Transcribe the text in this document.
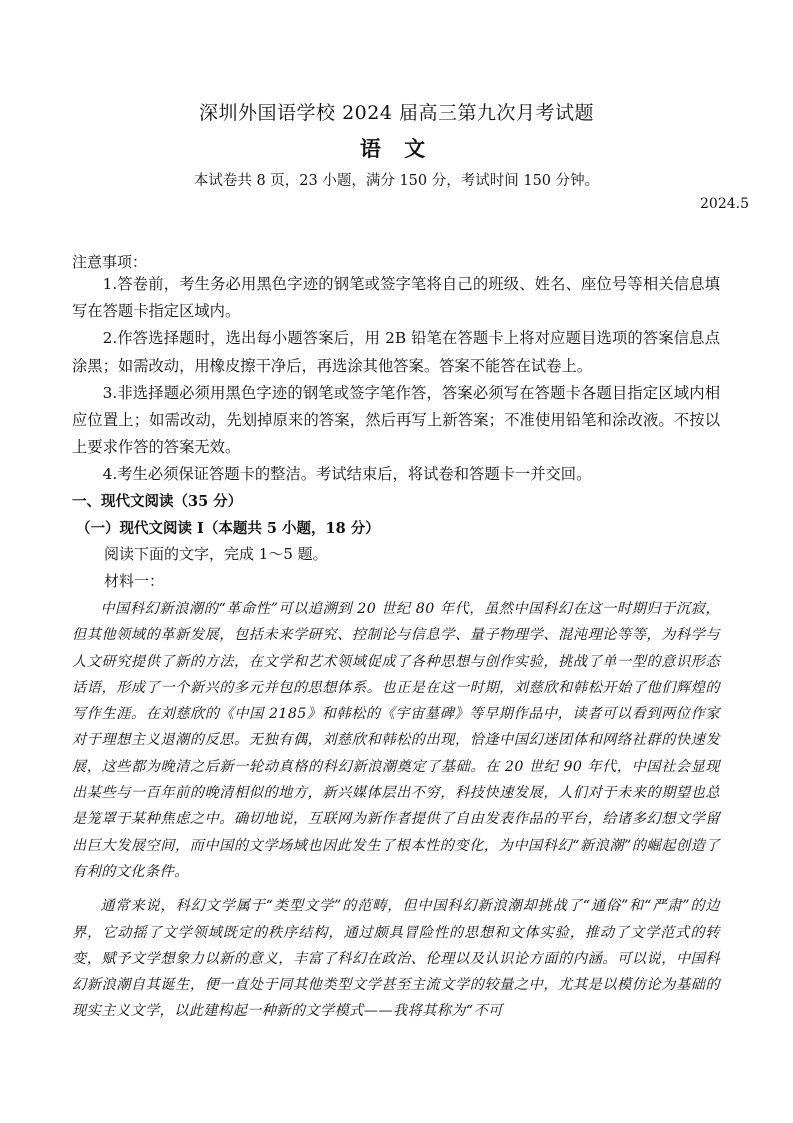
深圳外国语学校 2024 届高三第九次月考试题
语 文
本试卷共 8 页，23 小题，满分 150 分，考试时间 150 分钟。
2024.5
注意事项：

1.答卷前，考生务必用黑色字迹的钢笔或签字笔将自己的班级、姓名、座位号等相关信息填写在答题卡指定区域内。

2.作答选择题时，选出每小题答案后，用 2B 铅笔在答题卡上将对应题目选项的答案信息点涂黑；如需改动，用橡皮擦干净后，再选涂其他答案。答案不能答在试卷上。

3.非选择题必须用黑色字迹的钢笔或签字笔作答，答案必须写在答题卡各题目指定区域内相应位置上；如需改动，先划掉原来的答案，然后再写上新答案；不准使用铅笔和涂改液。不按以上要求作答的答案无效。

4.考生必须保证答题卡的整洁。考试结束后，将试卷和答题卡一并交回。

一、现代文阅读（35 分）
（一）现代文阅读 I（本题共 5 小题，18 分）
阅读下面的文字，完成 1～5 题。
材料一：

中国科幻新浪潮的“革命性”可以追溯到 20 世纪 80 年代，虽然中国科幻在这一时期归于沉寂，但其他领域的革新发展，包括未来学研究、控制论与信息学、量子物理学、混沌理论等等，为科学与人文研究提供了新的方法，在文学和艺术领域促成了各种思想与创作实验，挑战了单一型的意识形态话语，形成了一个新兴的多元并包的思想体系。也正是在这一时期，刘慈欣和韩松开始了他们辉煌的写作生涯。在刘慈欣的《中国 2185》和韩松的《宇宙墓碑》等早期作品中，读者可以看到两位作家对于理想主义退潮的反思。无独有偶，刘慈欣和韩松的出现，恰逢中国幻迷团体和网络社群的快速发展，这些都为晚清之后新一轮动真格的科幻新浪潮奠定了基础。在 20 世纪 90 年代，中国社会显现出某些与一百年前的晚清相似的地方，新兴媒体层出不穷，科技快速发展，人们对于未来的期望也总是笼罩于某种焦虑之中。确切地说，互联网为新作者提供了自由发表作品的平台，给诸多幻想文学留出巨大发展空间，而中国的文学场域也因此发生了根本性的变化，为中国科幻“新浪潮”的崛起创造了有利的文化条件。

通常来说，科幻文学属于“类型文学”的范畴，但中国科幻新浪潮却挑战了“通俗”和“严肃”的边界，它动摇了文学领域既定的秩序结构，通过颇具冒险性的思想和文体实验，推动了文学范式的转变，赋予文学想象力以新的意义，丰富了科幻在政治、伦理以及认识论方面的内涵。可以说，中国科幻新浪潮自其诞生，便一直处于同其他类型文学甚至主流文学的较量之中，尤其是以模仿论为基础的现实主义文学，以此建构起一种新的文学模式——我将其称为“不可
